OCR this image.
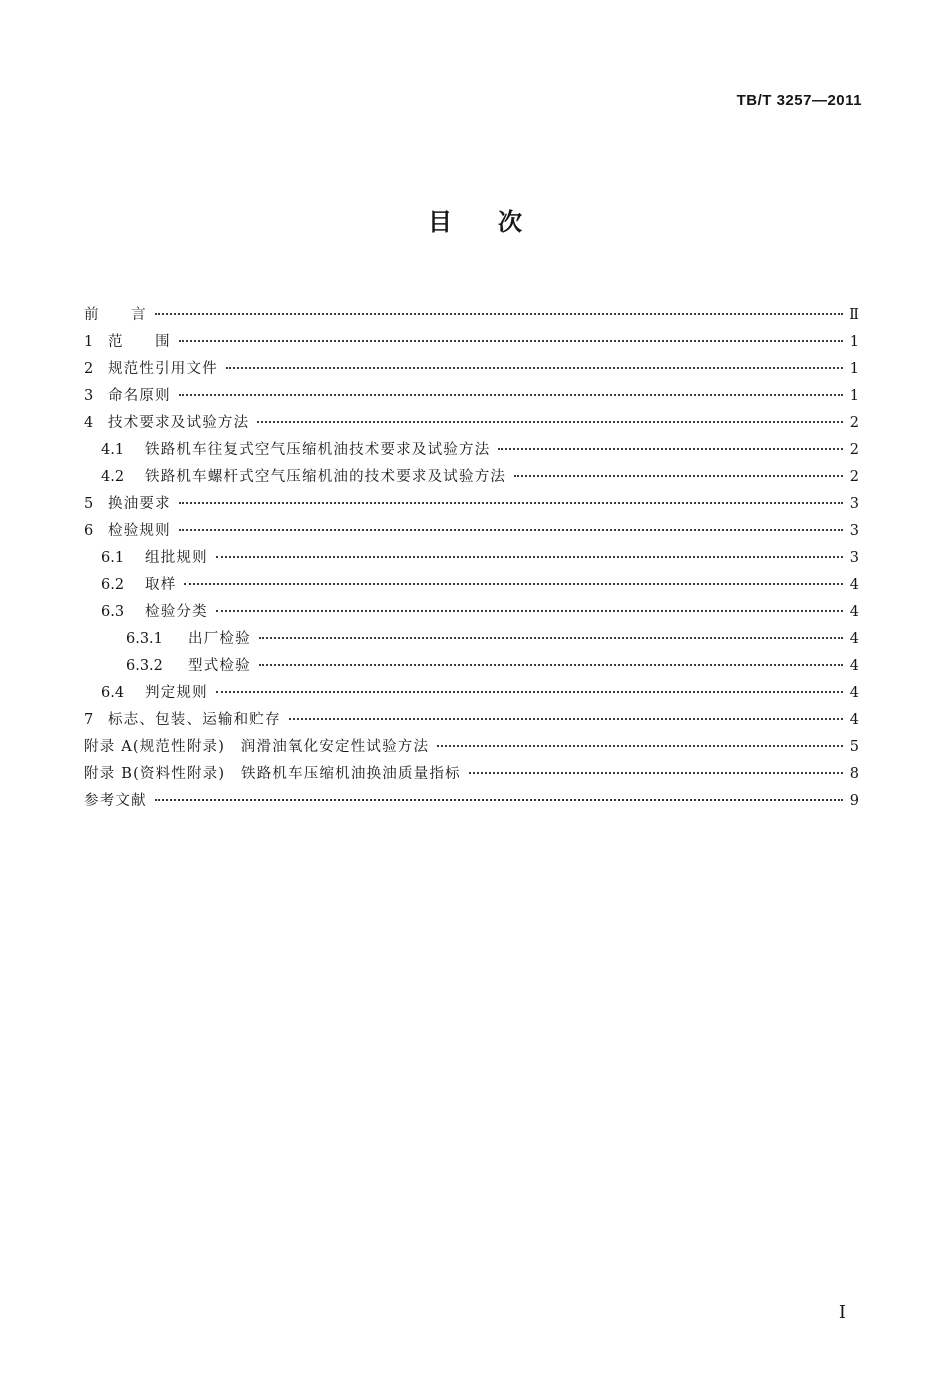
TB/T 3257—2011
目次
前　　言	Ⅱ
1	范　　围	1
2	规范性引用文件	1
3	命名原则	1
4	技术要求及试验方法	2
4.1	铁路机车往复式空气压缩机油技术要求及试验方法	2
4.2	铁路机车螺杆式空气压缩机油的技术要求及试验方法	2
5	换油要求	3
6	检验规则	3
6.1	组批规则	3
6.2	取样	4
6.3	检验分类	4
6.3.1	出厂检验	4
6.3.2	型式检验	4
6.4	判定规则	4
7	标志、包装、运输和贮存	4
附录 A(规范性附录)　润滑油氧化安定性试验方法	5
附录 B(资料性附录)　铁路机车压缩机油换油质量指标	8
参考文献	9
Ⅰ
